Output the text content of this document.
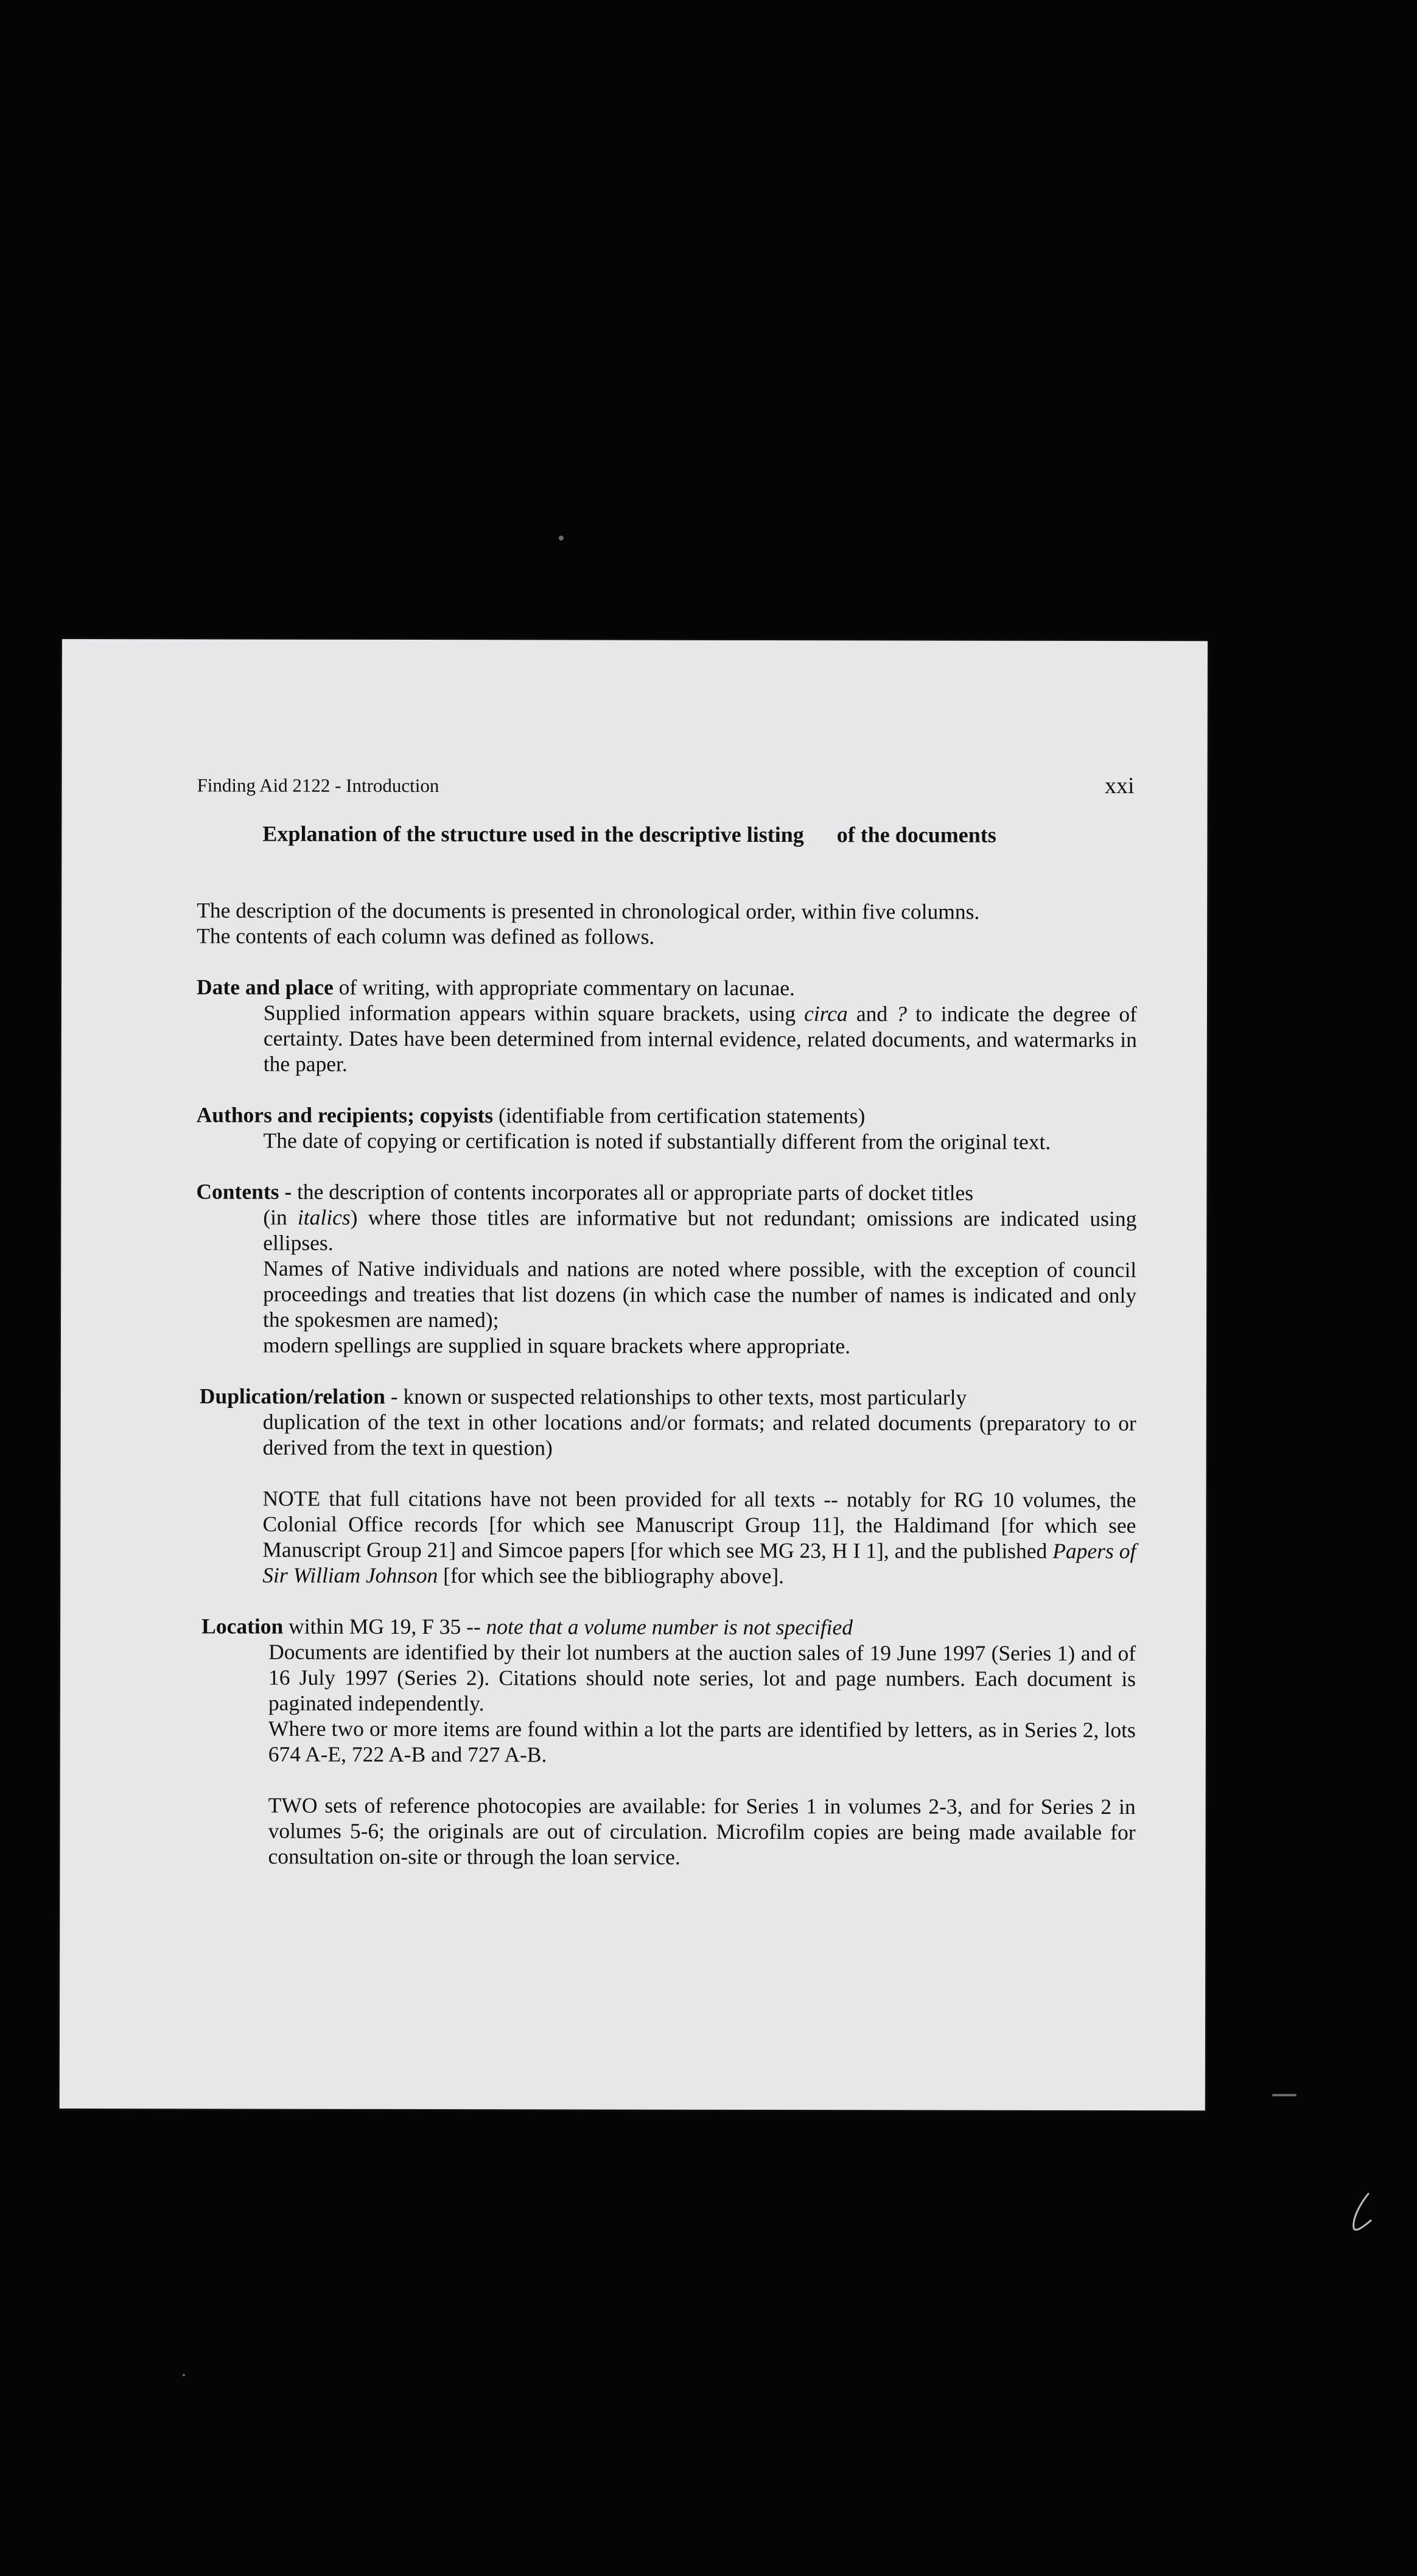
Finding Aid 2122 - Introduction	xxi
Explanation of the structure used in the descriptive listing of the documents

The description of the documents is presented in chronological order, within five columns.

The contents of each column was defined as follows.

Date and place of writing, with appropriate commentary on lacunae.

Supplied information appears within square brackets, using circa and ? to indicate the degree of certainty. Dates have been determined from internal evidence, related documents, and watermarks in the paper.

Authors and recipients; copyists (identifiable from certification statements)

The date of copying or certification is noted if substantially different from the original text.

Contents - the description of contents incorporates all or appropriate parts of docket titles

(in italics) where those titles are informative but not redundant; omissions are indicated using ellipses.

Names of Native individuals and nations are noted where possible, with the exception of council proceedings and treaties that list dozens (in which case the number of names is indicated and only the spokesmen are named);

modern spellings are supplied in square brackets where appropriate.

Duplication/relation - known or suspected relationships to other texts, most particularly

duplication of the text in other locations and/or formats; and related documents (preparatory to or derived from the text in question)

NOTE that full citations have not been provided for all texts -- notably for RG 10 volumes, the Colonial Office records [for which see Manuscript Group 11], the Haldimand [for which see Manuscript Group 21] and Simcoe papers [for which see MG 23, H I 1], and the published Papers of Sir William Johnson [for which see the bibliography above].

Location within MG 19, F 35 -- note that a volume number is not specified

Documents are identified by their lot numbers at the auction sales of 19 June 1997 (Series 1) and of 16 July 1997 (Series 2). Citations should note series, lot and page numbers. Each document is paginated independently.

Where two or more items are found within a lot the parts are identified by letters, as in Series 2, lots 674 A-E, 722 A-B and 727 A-B.

TWO sets of reference photocopies are available: for Series 1 in volumes 2-3, and for Series 2 in volumes 5-6; the originals are out of circulation. Microfilm copies are being made available for consultation on-site or through the loan service.
